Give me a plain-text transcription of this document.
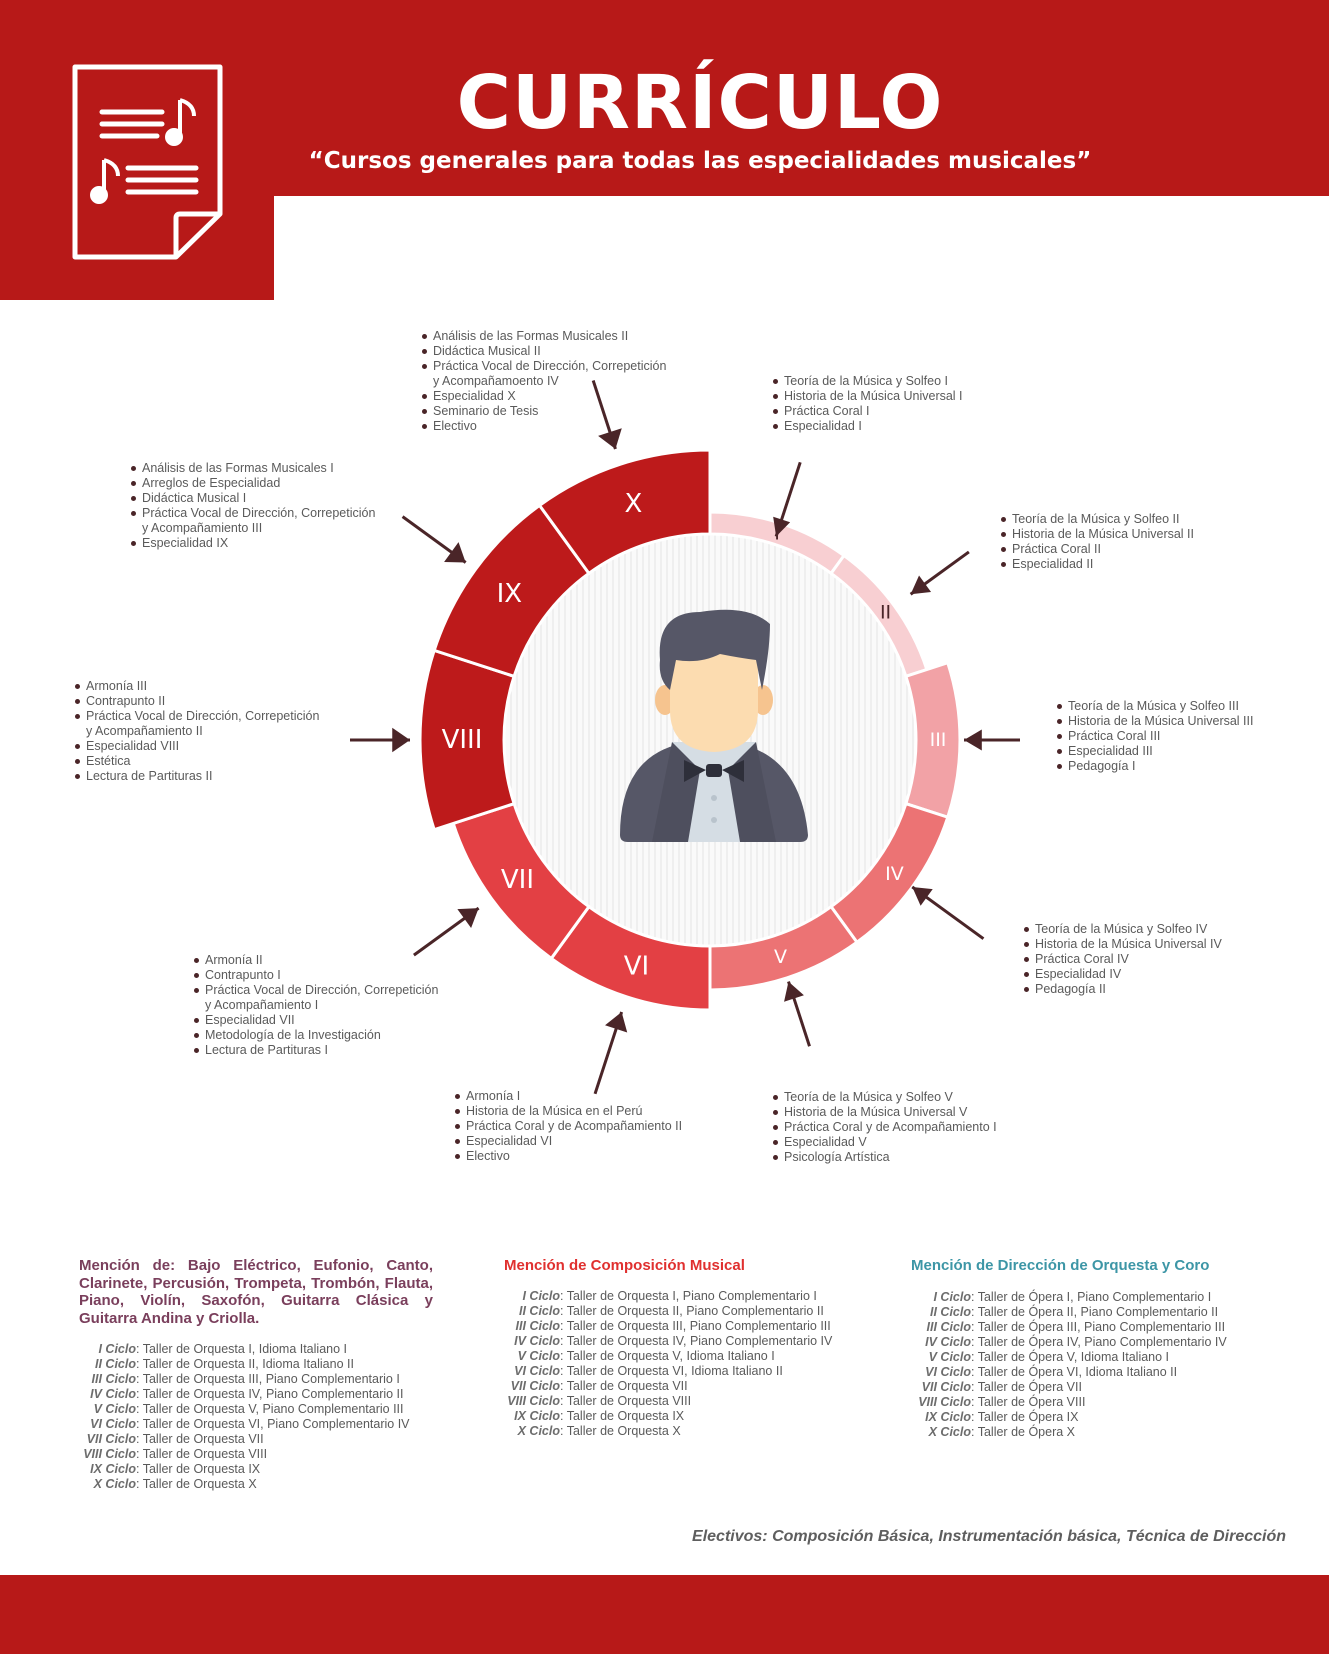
CURRÍCULO
“Cursos generales para todas las especialidades musicales”
I
II
III
IV
V
VI
VII
VIII
IX
X
Teoría de la Música y Solfeo I
Historia de la Música Universal I
Práctica Coral I
Especialidad I
Teoría de la Música y Solfeo II
Historia de la Música Universal II
Práctica Coral II
Especialidad II
Teoría de la Música y Solfeo III
Historia de la Música Universal III
Práctica Coral III
Especialidad III
Pedagogía I
Teoría de la Música y Solfeo IV
Historia de la Música Universal IV
Práctica Coral IV
Especialidad IV
Pedagogía II
Teoría de la Música y Solfeo V
Historia de la Música Universal V
Práctica Coral y de Acompañamiento I
Especialidad V
Psicología Artística
Armonía I
Historia de la Música en el Perú
Práctica Coral y de Acompañamiento II
Especialidad VI
Electivo
Armonía II
Contrapunto I
Práctica Vocal de Dirección, Correpetición
y Acompañamiento I
Especialidad VII
Metodología de la Investigación
Lectura de Partituras I
Armonía III
Contrapunto II
Práctica Vocal de Dirección, Correpetición
y Acompañamiento II
Especialidad VIII
Estética
Lectura de Partituras II
Análisis de las Formas Musicales I
Arreglos de Especialidad
Didáctica Musical I
Práctica Vocal de Dirección, Correpetición
y Acompañamiento III
Especialidad IX
Análisis de las Formas Musicales II
Didáctica Musical II
Práctica Vocal de Dirección, Correpetición
y Acompañamoento IV
Especialidad X
Seminario de Tesis
Electivo
Mención de: Bajo Eléctrico, Eufonio, Canto, Clarinete, Percusión, Trompeta, Trombón, Flauta, Piano, Violín, Saxofón, Guitarra Clásica y Guitarra Andina y Criolla.
I Ciclo: Taller de Orquesta I, Idioma Italiano I
II Ciclo: Taller de Orquesta II, Idioma Italiano II
III Ciclo: Taller de Orquesta III, Piano Complementario I
IV Ciclo: Taller de Orquesta IV, Piano Complementario II
V Ciclo: Taller de Orquesta V, Piano Complementario III
VI Ciclo: Taller de Orquesta VI, Piano Complementario IV
VII Ciclo: Taller de Orquesta VII
VIII Ciclo: Taller de Orquesta VIII
IX Ciclo: Taller de Orquesta IX
X Ciclo: Taller de Orquesta X
Mención de Composición Musical
I Ciclo: Taller de Orquesta I, Piano Complementario I
II Ciclo: Taller de Orquesta II, Piano Complementario II
III Ciclo: Taller de Orquesta III, Piano Complementario III
IV Ciclo: Taller de Orquesta IV, Piano Complementario IV
V Ciclo: Taller de Orquesta V, Idioma Italiano I
VI Ciclo: Taller de Orquesta VI, Idioma Italiano II
VII Ciclo: Taller de Orquesta VII
VIII Ciclo: Taller de Orquesta VIII
IX Ciclo: Taller de Orquesta IX
X Ciclo: Taller de Orquesta X
Mención de Dirección de Orquesta y Coro
I Ciclo: Taller de Ópera I, Piano Complementario I
II Ciclo: Taller de Ópera II, Piano Complementario II
III Ciclo: Taller de Ópera III, Piano Complementario III
IV Ciclo: Taller de Ópera IV, Piano Complementario IV
V Ciclo: Taller de Ópera V, Idioma Italiano I
VI Ciclo: Taller de Ópera VI, Idioma Italiano II
VII Ciclo: Taller de Ópera VII
VIII Ciclo: Taller de Ópera VIII
IX Ciclo: Taller de Ópera IX
X Ciclo: Taller de Ópera X
Electivos: Composición Básica, Instrumentación básica, Técnica de Dirección
